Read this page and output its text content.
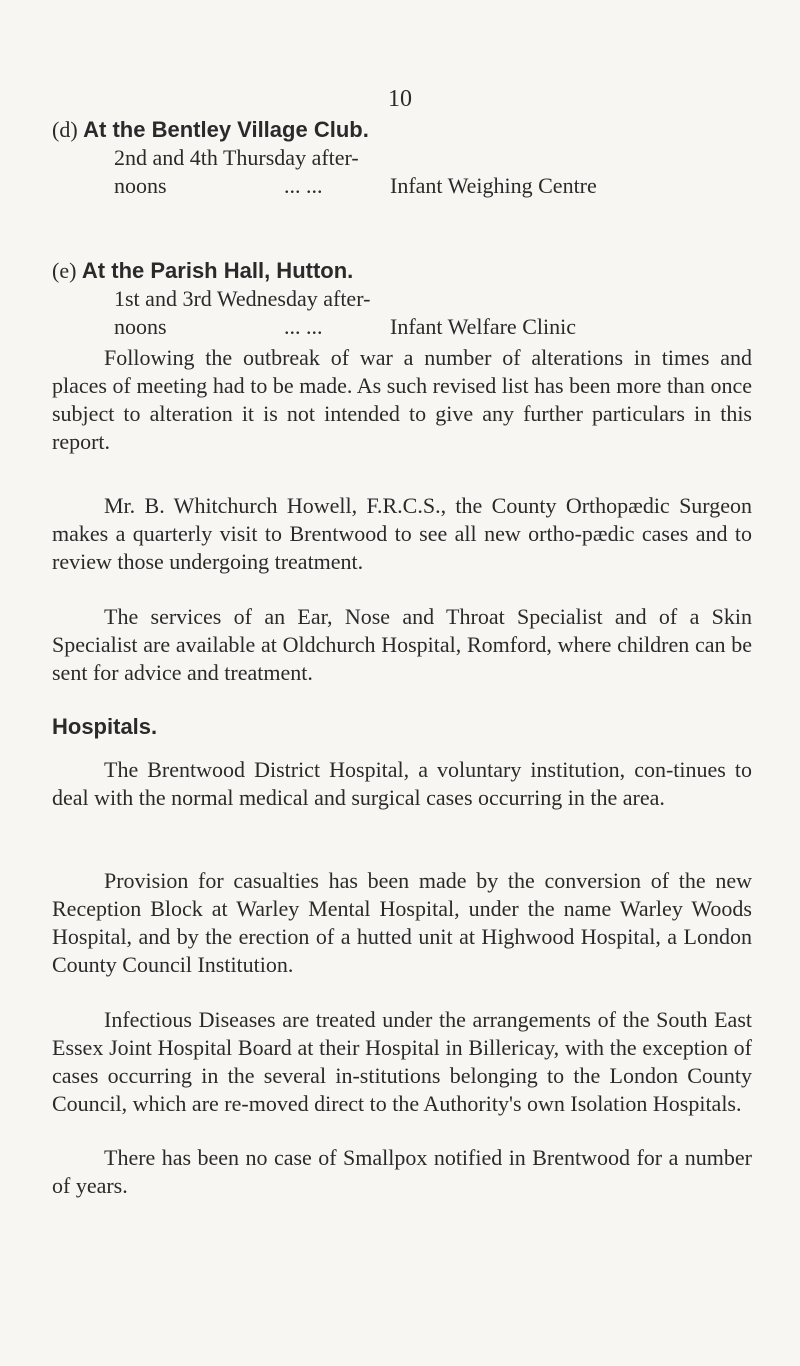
10
(d) At the Bentley Village Club.
2nd and 4th Thursday after-
noons	... ...	Infant Weighing Centre
(e) At the Parish Hall, Hutton.
1st and 3rd Wednesday after-
noons	... ...	Infant Welfare Clinic

Following the outbreak of war a number of alterations in times and places of meeting had to be made. As such revised list has been more than once subject to alteration it is not intended to give any further particulars in this report.

Mr. B. Whitchurch Howell, F.R.C.S., the County Orthopædic Surgeon makes a quarterly visit to Brentwood to see all new ortho-pædic cases and to review those undergoing treatment.

The services of an Ear, Nose and Throat Specialist and of a Skin Specialist are available at Oldchurch Hospital, Romford, where children can be sent for advice and treatment.

Hospitals.

The Brentwood District Hospital, a voluntary institution, con-tinues to deal with the normal medical and surgical cases occurring in the area.

Provision for casualties has been made by the conversion of the new Reception Block at Warley Mental Hospital, under the name Warley Woods Hospital, and by the erection of a hutted unit at Highwood Hospital, a London County Council Institution.

Infectious Diseases are treated under the arrangements of the South East Essex Joint Hospital Board at their Hospital in Billericay, with the exception of cases occurring in the several in-stitutions belonging to the London County Council, which are re-moved direct to the Authority's own Isolation Hospitals.

There has been no case of Smallpox notified in Brentwood for a number of years.
